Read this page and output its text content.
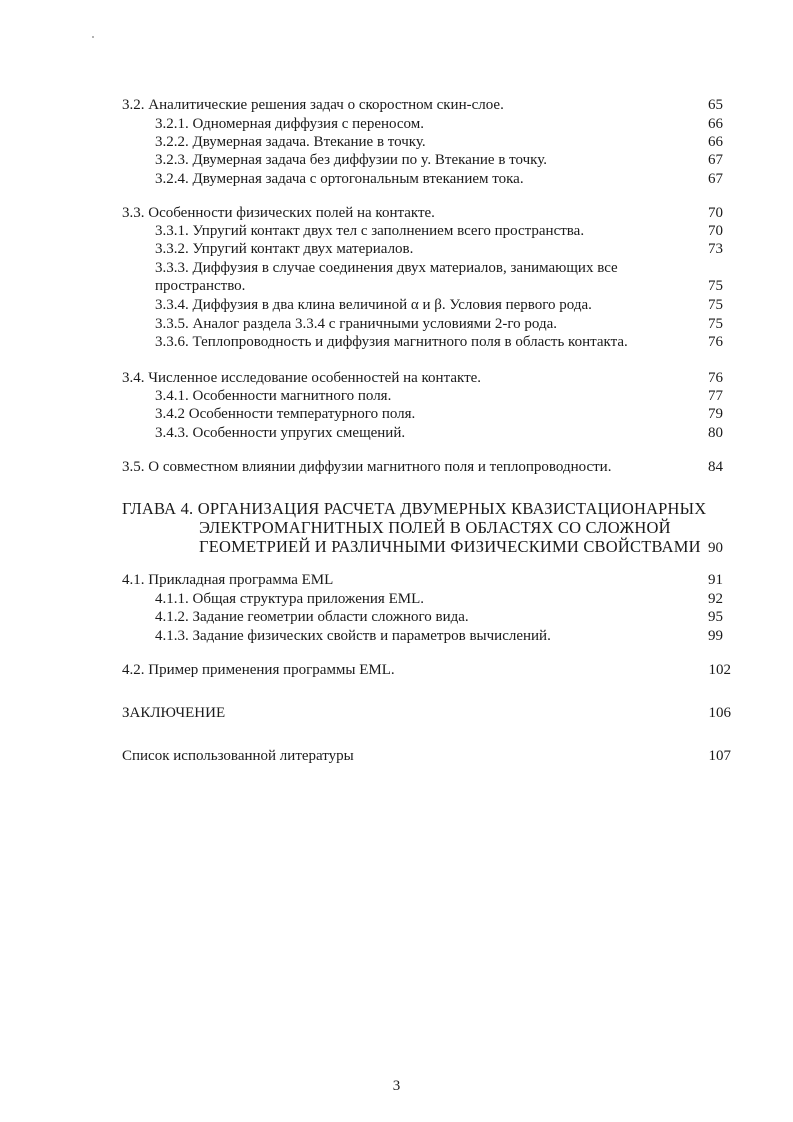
3.2. Аналитические решения задач о скоростном скин-слое.	65
3.2.1. Одномерная диффузия с переносом.	66
3.2.2. Двумерная задача. Втекание в точку.	66
3.2.3. Двумерная задача без диффузии по y. Втекание в точку.	67
3.2.4. Двумерная задача с ортогональным втеканием тока.	67
3.3. Особенности физических полей на контакте.	70
3.3.1. Упругий контакт двух тел с заполнением всего пространства.	70
3.3.2. Упругий контакт двух материалов.	73
3.3.3. Диффузия в случае соединения двух материалов, занимающих все
пространство.	75
3.3.4. Диффузия в два клина величиной α и β. Условия первого рода.	75
3.3.5. Аналог раздела 3.3.4 с граничными условиями 2-го рода.	75
3.3.6. Теплопроводность и диффузия магнитного поля в область контакта.	76
3.4. Численное исследование особенностей на контакте.	76
3.4.1. Особенности магнитного поля.	77
3.4.2 Особенности температурного поля.	79
3.4.3. Особенности упругих смещений.	80
3.5. О совместном влиянии диффузии магнитного поля и теплопроводности.	84
ГЛАВА 4. ОРГАНИЗАЦИЯ РАСЧЕТА ДВУМЕРНЫХ КВАЗИСТАЦИОНАРНЫХ
ЭЛЕКТРОМАГНИТНЫХ ПОЛЕЙ В ОБЛАСТЯХ СО СЛОЖНОЙ
ГЕОМЕТРИЕЙ И РАЗЛИЧНЫМИ ФИЗИЧЕСКИМИ СВОЙСТВАМИ 90
4.1. Прикладная программа EML	91
4.1.1. Общая структура приложения EML.	92
4.1.2. Задание геометрии области сложного вида.	95
4.1.3. Задание физических свойств и параметров вычислений.	99
4.2. Пример применения программы EML.	102
ЗАКЛЮЧЕНИЕ	106
Список использованной литературы	107
3
